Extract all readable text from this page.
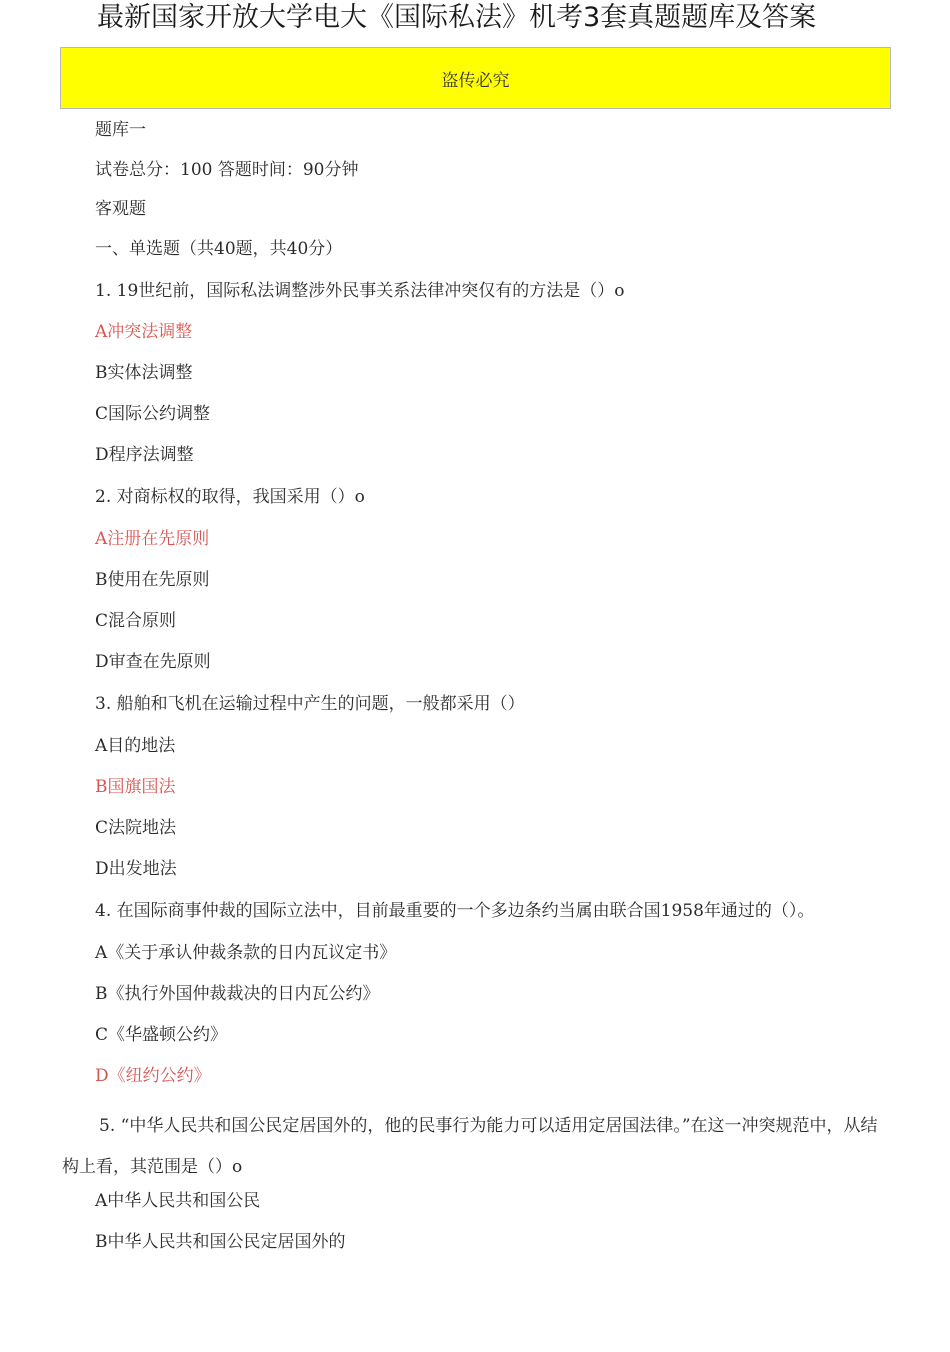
最新国家开放大学电大《国际私法》机考3套真题题库及答案
盗传必究
题库一
试卷总分：100 答题时间：90分钟
客观题
一、单选题（共40题，共40分）
1. 19世纪前，国际私法调整涉外民事关系法律冲突仅有的方法是（）o
A冲突法调整
B实体法调整
C国际公约调整
D程序法调整
2. 对商标权的取得，我国采用（）o
A注册在先原则
B使用在先原则
C混合原则
D审查在先原则
3. 船舶和飞机在运输过程中产生的问题，一般都采用（）
A目的地法
B国旗国法
C法院地法
D出发地法
4. 在国际商事仲裁的国际立法中，目前最重要的一个多边条约当属由联合国1958年通过的（）。
A《关于承认仲裁条款的日内瓦议定书》
B《执行外国仲裁裁决的日内瓦公约》
C《华盛顿公约》
D《纽约公约》
5. “中华人民共和国公民定居国外的，他的民事行为能力可以适用定居国法律。”在这一冲突规范中，从结构上看，其范围是（）o
A中华人民共和国公民
B中华人民共和国公民定居国外的
